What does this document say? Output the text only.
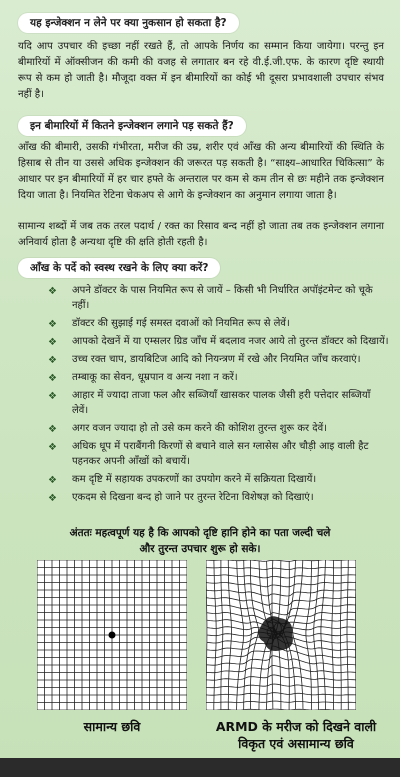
यह इन्जेक्शन न लेने पर क्या नुकसान हो सकता है?

यदि आप उपचार की इच्छा नहीं रखते हैं, तो आपके निर्णय का सम्मान किया जायेगा। परन्तु इन बीमारियों में ऑक्सीजन की कमी की वजह से लगातार बन रहे वी.ई.जी.एफ. के कारण दृष्टि स्थायी रूप से कम हो जाती है। मौजूदा वक्त में इन बीमारियों का कोई भी दूसरा प्रभावशाली उपचार संभव नहीं है।

इन बीमारियों में कितने इन्जेक्शन लगाने पड़ सकते हैं?

आँख की बीमारी, उसकी गंभीरता, मरीज की उम्र, शरीर एवं आँख की अन्य बीमारियों की स्थिति के हिसाब से तीन या उससे अधिक इन्जेक्शन की जरूरत पड़ सकती है। “साक्ष्य–आधारित चिकित्सा” के आधार पर इन बीमारियों में हर चार हफ्ते के अन्तराल पर कम से कम तीन से छः महीने तक इन्जेक्शन दिया जाता है। नियमित रेटिना चेकअप से आगे के इन्जेक्शन का अनुमान लगाया जाता है।

सामान्य शब्दों में जब तक तरल पदार्थ / रक्त का रिसाव बन्द नहीं हो जाता तब तक इन्जेक्शन लगाना अनिवार्य होता है अन्यथा दृष्टि की क्षति होती रहती है।

आँख के पर्दे को स्वस्थ रखने के लिए क्या करें?
❖ अपने डॉक्टर के पास नियमित रूप से जायें – किसी भी निर्धारित अपॉइंटमेन्ट को चूके नहीं।
❖ डॉक्टर की सुझाई गई समस्त दवाओं को नियमित रूप से लेवें।
❖ आपको देखनें में या एम्सलर ग्रिड जॉंच में बदलाव नजर आये तो तुरन्त डॉक्टर को दिखायें।
❖ उच्च रक्त चाप, डायबिटिज आदि को नियन्त्रण में रखे और नियमित जॉंच करवाएं।
❖ तम्बाकू का सेवन, धूम्रपान व अन्य नशा न करें।
❖ आहार में ज्यादा ताजा फल और सब्जियाँ खासकर पालक जैसी हरी पत्तेदार सब्जियाँ लेवें।
❖ अगर वजन ज्यादा हो तो उसे कम करने की कोशिश तुरन्त शुरू कर देवें।
❖ अधिक धूप में पराबैंगनी किरणों से बचाने वाले सन ग्लासेस और चौड़ी आइ वाली हैट पहनकर अपनी आँखों को बचायें।
❖ कम दृष्टि में सहायक उपकरणों का उपयोग करने में सक्रियता दिखायें।
❖ एकदम से दिखना बन्द हो जाने पर तुरन्त रेटिना विशेषज्ञ को दिखाएं।
अंततः महत्वपूर्ण यह है कि आपको दृष्टि हानि होने का पता जल्दी चले
और तुरन्त उपचार शुरू हो सके।
सामान्य छवि	ARMD के मरीज को दिखने वाली
विकृत एवं असामान्य छवि
